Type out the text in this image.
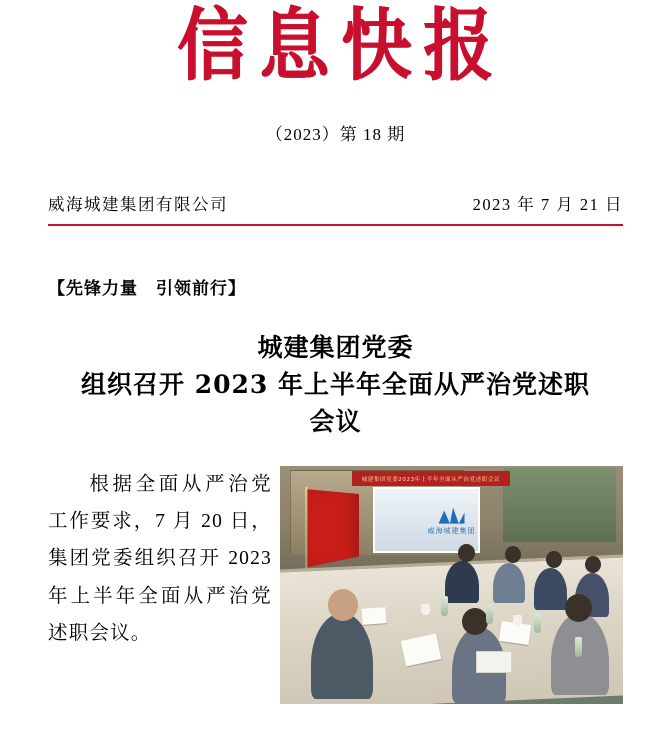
信息快报
（2023）第 18 期
威海城建集团有限公司	2023 年 7 月 21 日
【先锋力量　引领前行】
城建集团党委
组织召开 2023 年上半年全面从严治党述职
会议
城建集团党委2023年上半年全面从严治党述职会议
威海城建集团
根据全面从严治党工作要求，7 月 20 日，集团党委组织召开 2023 年上半年全面从严治党述职会议。
